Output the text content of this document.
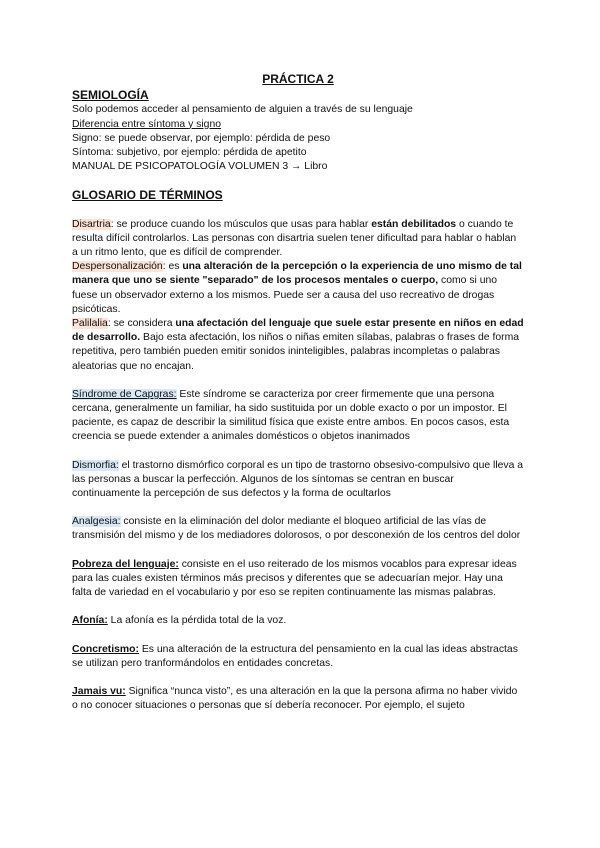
PRÁCTICA 2
SEMIOLOGÍA

Solo podemos acceder al pensamiento de alguien a través de su lenguaje

Diferencia entre síntoma y signo

Signo: se puede observar, por ejemplo: pérdida de peso

Síntoma: subjetivo, por ejemplo: pérdida de apetito

MANUAL DE PSICOPATOLOGÍA VOLUMEN 3 → Libro

GLOSARIO DE TÉRMINOS

Disartria: se produce cuando los músculos que usas para hablar están debilitados o cuando te resulta difícil controlarlos. Las personas con disartria suelen tener dificultad para hablar o hablan a un ritmo lento, que es difícil de comprender.

Despersonalización: es una alteración de la percepción o la experiencia de uno mismo de tal manera que uno se siente "separado" de los procesos mentales o cuerpo, como si uno fuese un observador externo a los mismos. Puede ser a causa del uso recreativo de drogas psicóticas.

Palilalia: se considera una afectación del lenguaje que suele estar presente en niños en edad de desarrollo. Bajo esta afectación, los niños o niñas emiten sílabas, palabras o frases de forma repetitiva, pero también pueden emitir sonidos ininteligibles, palabras incompletas o palabras aleatorias que no encajan.

Síndrome de Capgras: Este síndrome se caracteriza por creer firmemente que una persona cercana, generalmente un familiar, ha sido sustituida por un doble exacto o por un impostor. El paciente, es capaz de describir la similitud física que existe entre ambos. En pocos casos, esta creencia se puede extender a animales domésticos o objetos inanimados

Dismorfia: el trastorno dismórfico corporal es un tipo de trastorno obsesivo-compulsivo que lleva a las personas a buscar la perfección. Algunos de los síntomas se centran en buscar continuamente la percepción de sus defectos y la forma de ocultarlos

Analgesia: consiste en la eliminación del dolor mediante el bloqueo artificial de las vías de transmisión del mismo y de los mediadores dolorosos, o por desconexión de los centros del dolor

Pobreza del lenguaje: consiste en el uso reiterado de los mismos vocablos para expresar ideas para las cuales existen términos más precisos y diferentes que se adecuarían mejor. Hay una falta de variedad en el vocabulario y por eso se repiten continuamente las mismas palabras.

Afonía: La afonía es la pérdida total de la voz.

Concretismo: Es una alteración de la estructura del pensamiento en la cual las ideas abstractas se utilizan pero tranformándolos en entidades concretas.

Jamais vu: Significa “nunca visto”, es una alteración en la que la persona afirma no haber vivido o no conocer situaciones o personas que sí debería reconocer. Por ejemplo, el sujeto
